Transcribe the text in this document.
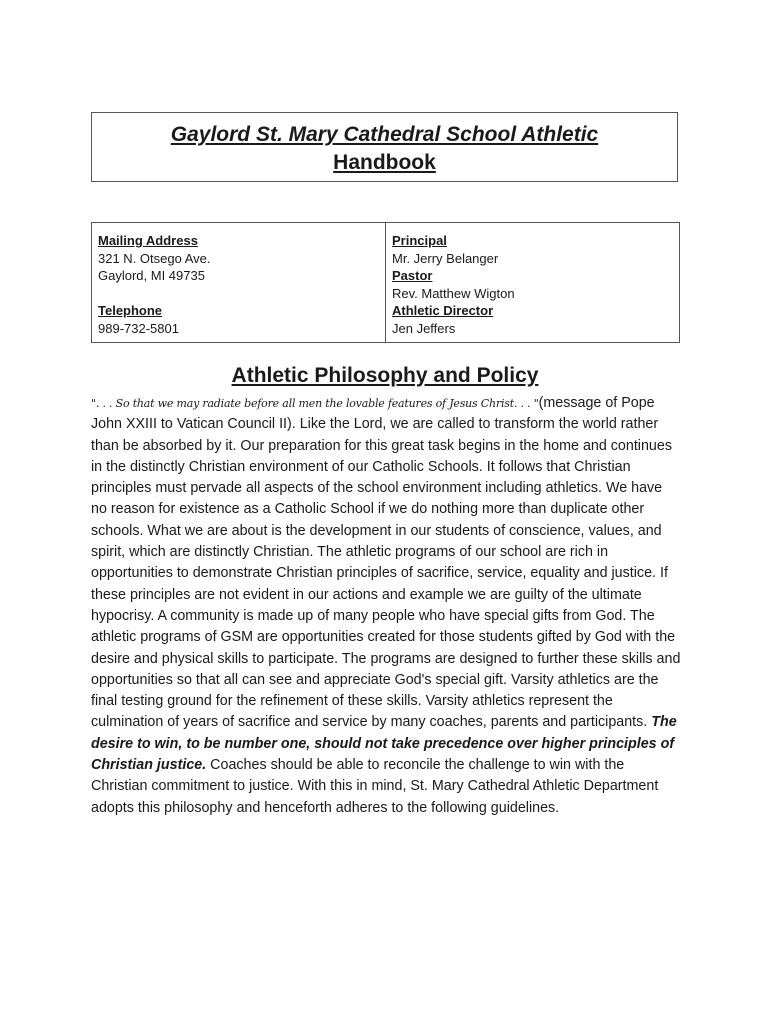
Gaylord St. Mary Cathedral School Athletic
Handbook

Mailing Address
321 N. Otsego Ave.
Gaylord, MI 49735
Telephone
989-732-5801
Principal
Mr. Jerry Belanger
Pastor
Rev. Matthew Wigton
Athletic Director
Jen Jeffers
Athletic Philosophy and Policy

". . . So that we may radiate before all men the lovable features of Jesus Christ. . . "(message of Pope John XXIII to Vatican Council II). Like the Lord, we are called to transform the world rather than be absorbed by it. Our preparation for this great task begins in the home and continues in the distinctly Christian environment of our Catholic Schools. It follows that Christian principles must pervade all aspects of the school environment including athletics. We have no reason for existence as a Catholic School if we do nothing more than duplicate other schools. What we are about is the development in our students of conscience, values, and spirit, which are distinctly Christian. The athletic programs of our school are rich in opportunities to demonstrate Christian principles of sacrifice, service, equality and justice. If these principles are not evident in our actions and example we are guilty of the ultimate hypocrisy. A community is made up of many people who have special gifts from God. The athletic programs of GSM are opportunities created for those students gifted by God with the desire and physical skills to participate. The programs are designed to further these skills and opportunities so that all can see and appreciate God's special gift. Varsity athletics are the final testing ground for the refinement of these skills. Varsity athletics represent the culmination of years of sacrifice and service by many coaches, parents and participants. The desire to win, to be number one, should not take precedence over higher principles of Christian justice. Coaches should be able to reconcile the challenge to win with the Christian commitment to justice. With this in mind, St. Mary Cathedral Athletic Department adopts this philosophy and henceforth adheres to the following guidelines.
